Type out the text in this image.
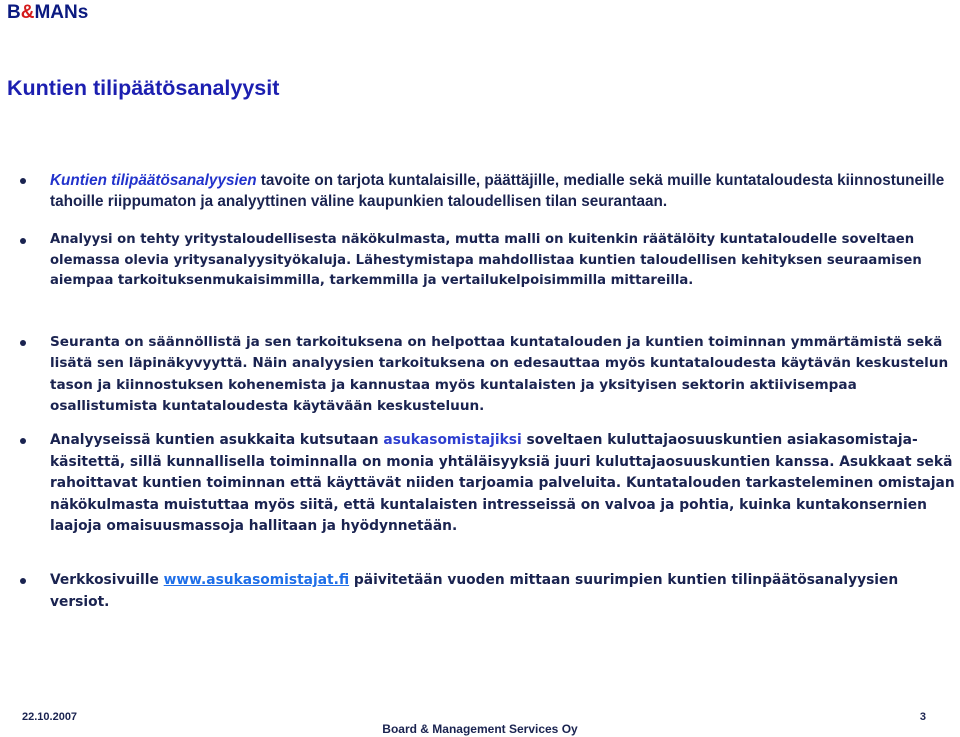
B&MANs
Kuntien tilipäätösanalyysit
Kuntien tilipäätösanalyysien tavoite on tarjota kuntalaisille, päättäjille, medialle sekä muille kuntataloudesta kiinnostuneille tahoille riippumaton ja analyyttinen väline kaupunkien taloudellisen tilan seurantaan.
Analyysi on tehty yritystaloudellisesta näkökulmasta, mutta malli on kuitenkin räätälöity kuntataloudelle soveltaen olemassa olevia yritysanalyysityökaluja. Lähestymistapa mahdollistaa kuntien taloudellisen kehityksen seuraamisen aiempaa tarkoituksenmukaisimmilla, tarkemmilla ja vertailukelpoisimmilla mittareilla.
Seuranta on säännöllistä ja sen tarkoituksena on helpottaa kuntatalouden ja kuntien toiminnan ymmärtämistä sekä lisätä sen läpinäkyvyyttä. Näin analyysien tarkoituksena on edesauttaa myös kuntataloudesta käytävän keskustelun tason ja kiinnostuksen kohenemista ja kannustaa myös kuntalaisten ja yksityisen sektorin aktiivisempaa osallistumista kuntataloudesta käytävään keskusteluun.
Analyyseissä kuntien asukkaita kutsutaan asukasomistajiksi soveltaen kuluttajaosuuskuntien asiakasomistaja-käsitettä, sillä kunnallisella toiminnalla on monia yhtäläisyyksiä juuri kuluttajaosuuskuntien kanssa. Asukkaat sekä rahoittavat kuntien toiminnan että käyttävät niiden tarjoamia palveluita. Kuntatalouden tarkasteleminen omistajan näkökulmasta muistuttaa myös siitä, että kuntalaisten intresseissä on valvoa ja pohtia, kuinka kuntakonsernien laajoja omaisuusmassoja hallitaan ja hyödynnetään.
Verkkosivuille www.asukasomistajat.fi päivitetään vuoden mittaan suurimpien kuntien tilinpäätösanalyysien versiot.
22.10.2007
Board & Management Services Oy
3
